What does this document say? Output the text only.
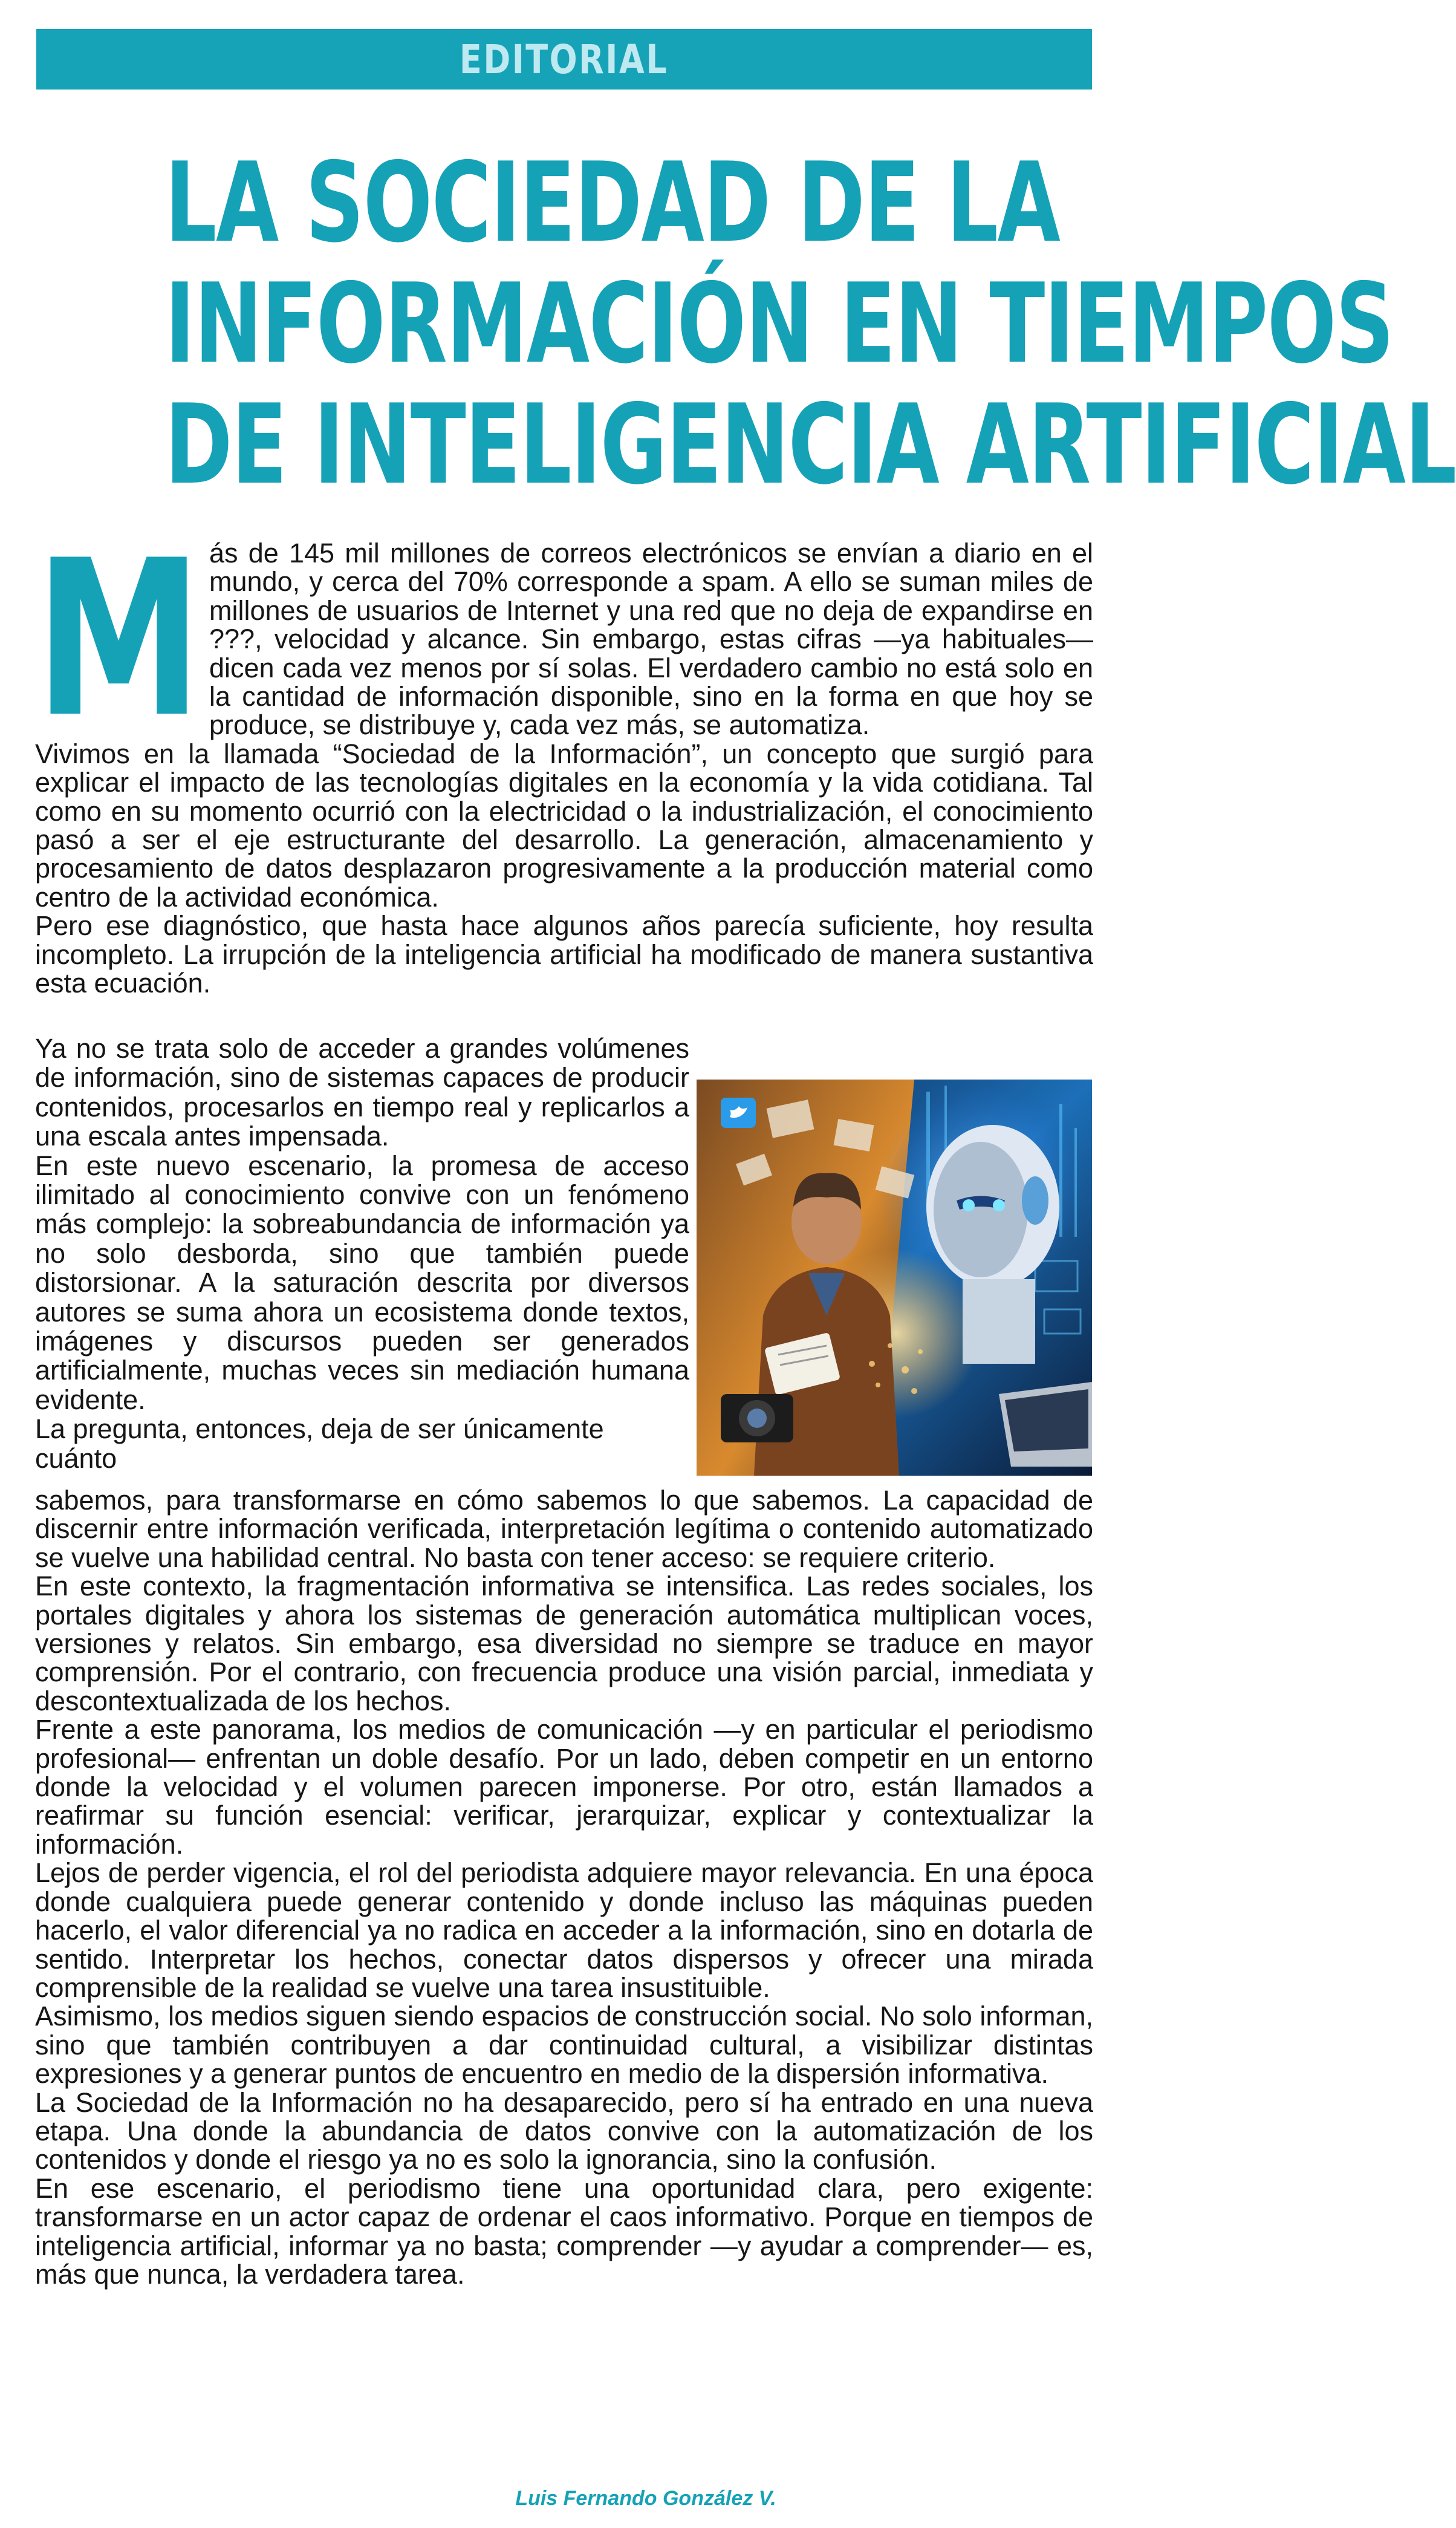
EDITORIAL
LA SOCIEDAD DE LA
INFORMACIÓN EN TIEMPOS
DE INTELIGENCIA ARTIFICIAL

M ás de 145 mil millones de correos electrónicos se envían a diario en el mundo, y cerca del 70% corresponde a spam. A ello se suman miles de millones de usuarios de Internet y una red que no deja de expandirse en ???, velocidad y alcance. Sin embargo, estas cifras —ya habituales— dicen cada vez menos por sí solas. El verdadero cambio no está solo en la cantidad de información disponible, sino en la forma en que hoy se produce, se distribuye y, cada vez más, se automatiza.

Vivimos en la llamada “Sociedad de la Información”, un concepto que surgió para explicar el impacto de las tecnologías digitales en la economía y la vida cotidiana. Tal como en su momento ocurrió con la electricidad o la industrialización, el conocimiento pasó a ser el eje estructurante del desarrollo. La generación, almacenamiento y procesamiento de datos desplazaron progresivamente a la producción material como centro de la actividad económica.

Pero ese diagnóstico, que hasta hace algunos años parecía suficiente, hoy resulta incompleto. La irrupción de la inteligencia artificial ha modificado de manera sustantiva esta ecuación.

Ya no se trata solo de acceder a grandes volúmenes de información, sino de sistemas capaces de producir contenidos, procesarlos en tiempo real y replicarlos a una escala antes impensada.

En este nuevo escenario, la promesa de acceso ilimitado al conocimiento convive con un fenómeno más complejo: la sobreabundancia de información ya no solo desborda, sino que también puede distorsionar. A la saturación descrita por diversos autores se suma ahora un ecosistema donde textos, imágenes y discursos pueden ser generados artificialmente, muchas veces sin mediación humana evidente.

La pregunta, entonces, deja de ser únicamente cuánto

sabemos, para transformarse en cómo sabemos lo que sabemos. La capacidad de discernir entre información verificada, interpretación legítima o contenido automatizado se vuelve una habilidad central. No basta con tener acceso: se requiere criterio.

En este contexto, la fragmentación informativa se intensifica. Las redes sociales, los portales digitales y ahora los sistemas de generación automática multiplican voces, versiones y relatos. Sin embargo, esa diversidad no siempre se traduce en mayor comprensión. Por el contrario, con frecuencia produce una visión parcial, inmediata y descontextualizada de los hechos.

Frente a este panorama, los medios de comunicación —y en particular el periodismo profesional— enfrentan un doble desafío. Por un lado, deben competir en un entorno donde la velocidad y el volumen parecen imponerse. Por otro, están llamados a reafirmar su función esencial: verificar, jerarquizar, explicar y contextualizar la información.

Lejos de perder vigencia, el rol del periodista adquiere mayor relevancia. En una época donde cualquiera puede generar contenido y donde incluso las máquinas pueden hacerlo, el valor diferencial ya no radica en acceder a la información, sino en dotarla de sentido. Interpretar los hechos, conectar datos dispersos y ofrecer una mirada comprensible de la realidad se vuelve una tarea insustituible.

Asimismo, los medios siguen siendo espacios de construcción social. No solo informan, sino que también contribuyen a dar continuidad cultural, a visibilizar distintas expresiones y a generar puntos de encuentro en medio de la dispersión informativa.

La Sociedad de la Información no ha desaparecido, pero sí ha entrado en una nueva etapa. Una donde la abundancia de datos convive con la automatización de los contenidos y donde el riesgo ya no es solo la ignorancia, sino la confusión.

En ese escenario, el periodismo tiene una oportunidad clara, pero exigente: transformarse en un actor capaz de ordenar el caos informativo. Porque en tiempos de inteligencia artificial, informar ya no basta; comprender —y ayudar a comprender— es, más que nunca, la verdadera tarea.

Luis Fernando González V.
